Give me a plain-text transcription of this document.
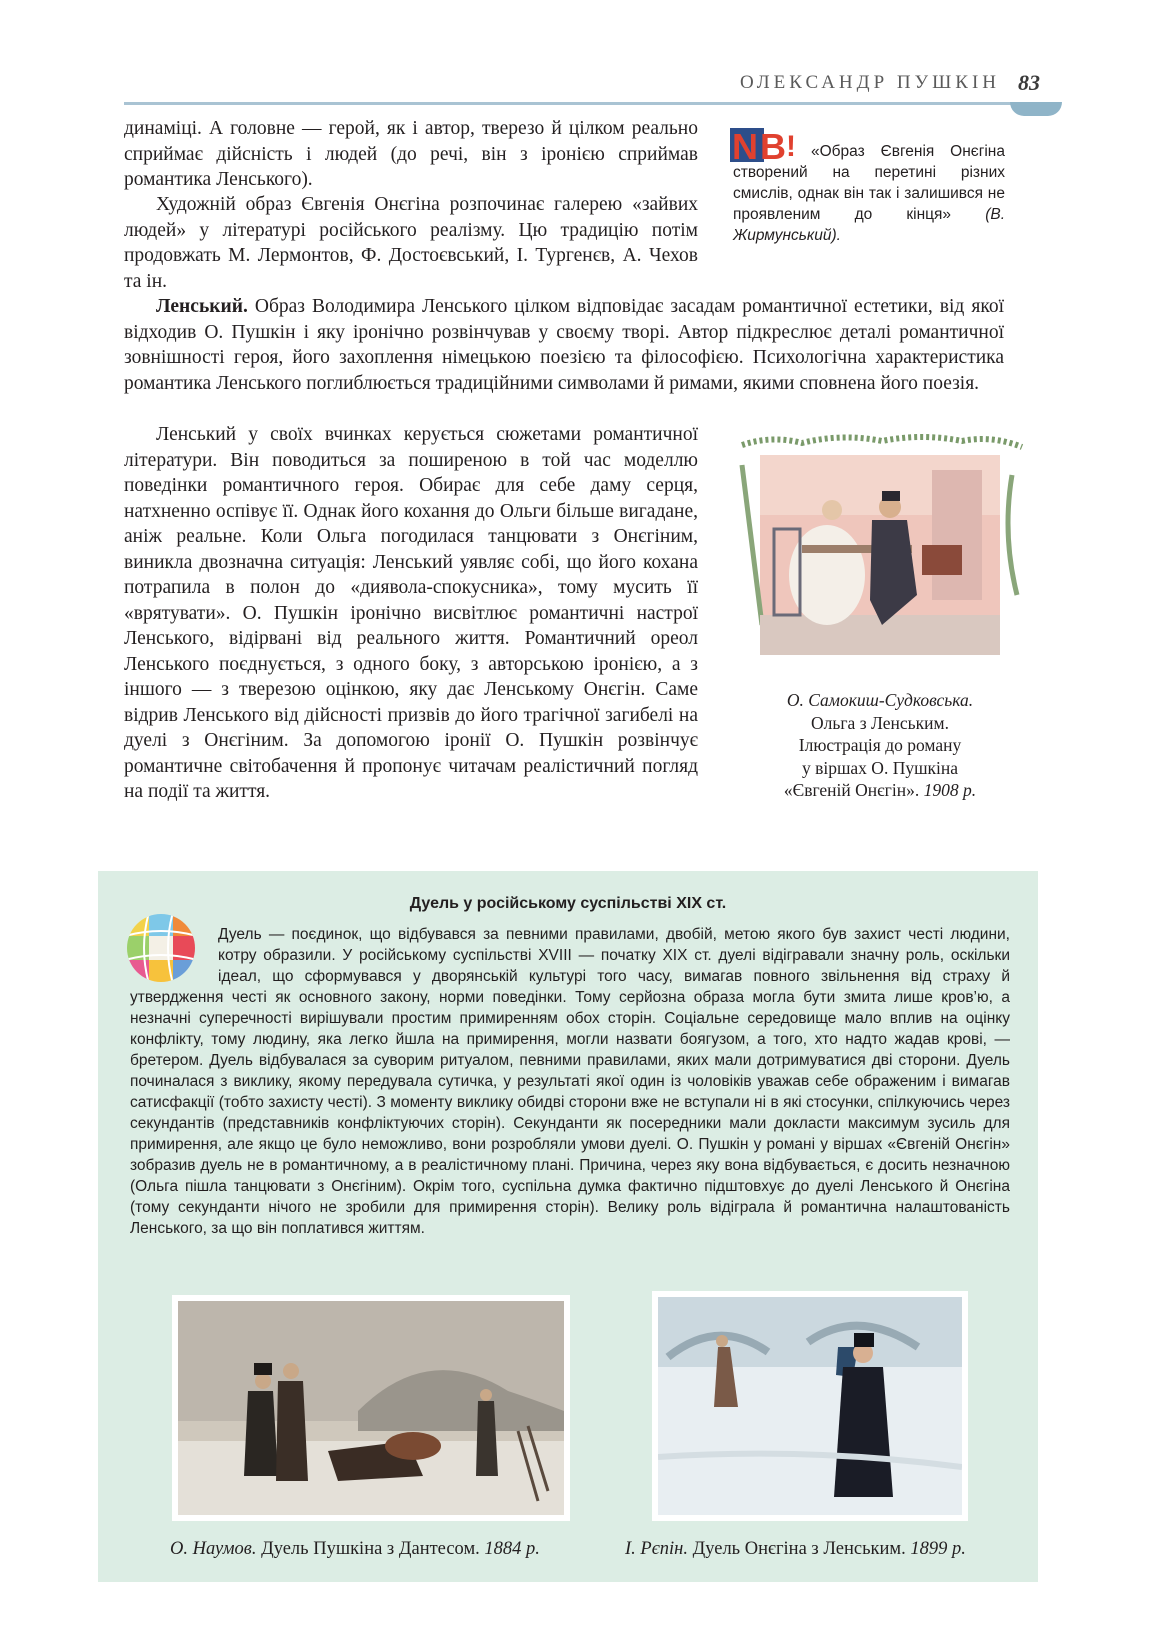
ОЛЕКСАНДР ПУШКІН 83

динаміці. А головне — герой, як і автор, тверезо й цілком реально сприймає дійсність і людей (до речі, він з іронією сприймав романтика Ленського).

Художній образ Євгенія Онєгіна розпочинає галерею «зайвих людей» у літературі російського реалізму. Цю традицію потім продовжать М. Лермонтов, Ф. Достоєвський, І. Тургенєв, А. Чехов та ін.

Ленський. Образ Володимира Ленського цілком відповідає засадам романтичної естетики, від якої відходив О. Пушкін і яку іронічно розвінчував у своєму творі. Автор підкреслює деталі романтичної зовнішності героя, його захоплення німецькою поезією та філософією. Психологічна характеристика романтика Ленського поглиблюється традиційними символами й римами, якими сповнена його поезія.

Ленський у своїх вчинках керується сюжетами романтичної літератури. Він поводиться за поширеною в той час моделлю поведінки романтичного героя. Обирає для себе даму серця, натхненно оспівує її. Однак його кохання до Ольги більше вигадане, аніж реальне. Коли Ольга погодилася танцювати з Онєгіним, виникла двозначна ситуація: Ленський уявляє собі, що його кохана потрапила в полон до «диявола-спокусника», тому мусить її «врятувати». О. Пушкін іронічно висвітлює романтичні настрої Ленського, відірвані від реального життя. Романтичний ореол Ленського поєднується, з одного боку, з авторською іронією, а з іншого — з тверезою оцінкою, яку дає Ленському Онєгін. Саме відрив Ленського від дійсності призвів до його трагічної загибелі на дуелі з Онєгіним. За допомогою іронії О. Пушкін розвінчує романтичне світобачення й пропонує читачам реалістичний погляд на події та життя.

N B ! «Образ Євгенія Онєгіна створений на перетині різних смислів, однак він так і залишився не проявленим до кінця» (В. Жирмунський).

О. Самокиш-Судковська.
Ольга з Ленським.
Ілюстрація до роману
у віршах О. Пушкіна
«Євгеній Онєгін». 1908 р.

Дуель у російському суспільстві XIX ст.

Дуель — поєдинок, що відбувався за певними правилами, двобій, метою якого був захист честі людини, котру образили. У російському суспільстві XVIII — початку XIX ст. дуелі відігравали значну роль, оскільки ідеал, що сформувався у дворянській культурі того часу, вимагав повного звільнення від страху й утвердження честі як основного закону, норми поведінки. Тому серйозна образа могла бути змита лише кров’ю, а незначні суперечності вирішували простим примиренням обох сторін. Соціальне середовище мало вплив на оцінку конфлікту, тому людину, яка легко йшла на примирення, могли назвати боягузом, а того, хто надто жадав крові, — бретером. Дуель відбувалася за суворим ритуалом, певними правилами, яких мали дотримуватися дві сторони. Дуель починалася з виклику, якому передувала сутичка, у результаті якої один із чоловіків уважав себе ображеним і вимагав сатисфакції (тобто захисту честі). З моменту виклику обидві сторони вже не вступали ні в які стосунки, спілкуючись через секундантів (представників конфліктуючих сторін). Секунданти як посередники мали докласти максимум зусиль для примирення, але якщо це було неможливо, вони розробляли умови дуелі. О. Пушкін у романі у віршах «Євгеній Онєгін» зобразив дуель не в романтичному, а в реалістичному плані. Причина, через яку вона відбувається, є досить незначною (Ольга пішла танцювати з Онєгіним). Окрім того, суспільна думка фактично підштовхує до дуелі Ленського й Онєгіна (тому секунданти нічого не зробили для примирення сторін). Велику роль відіграла й романтична налаштованість Ленського, за що він поплатився життям.

О. Наумов. Дуель Пушкіна з Дантесом. 1884 р.	І. Рєпін. Дуель Онєгіна з Ленським. 1899 р.
